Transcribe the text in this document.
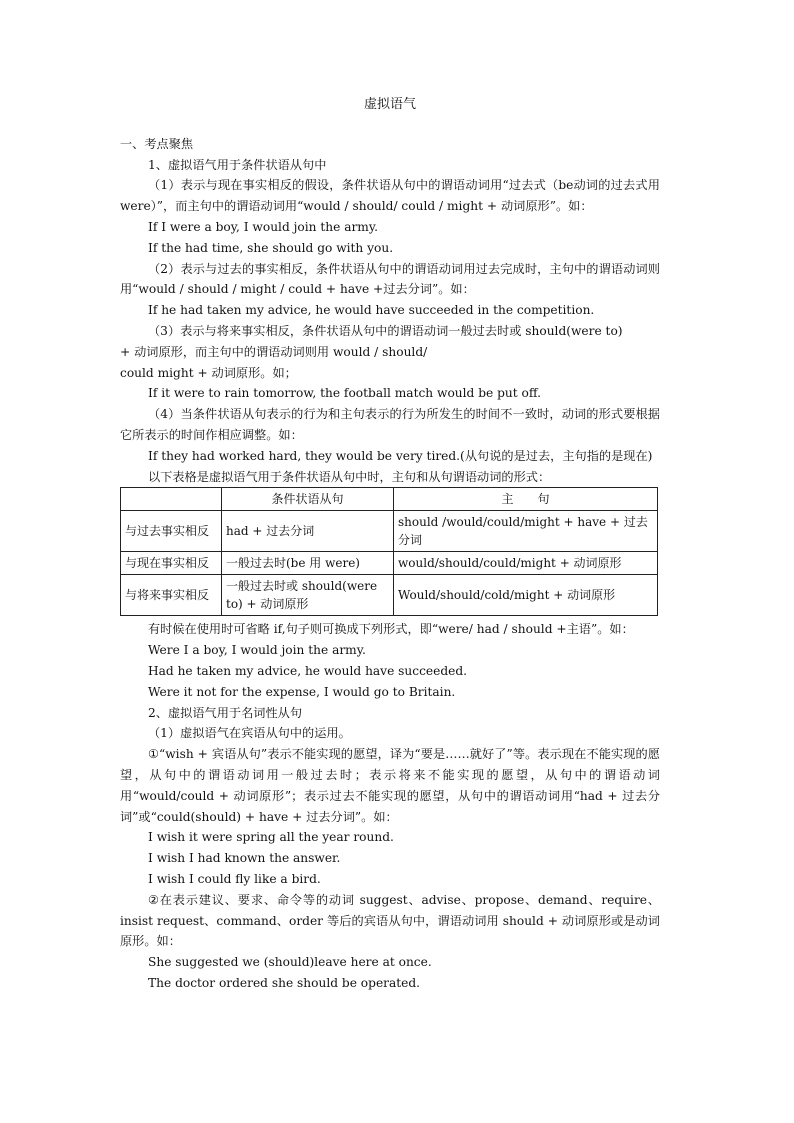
虚拟语气
一、考点聚焦
1、虚拟语气用于条件状语从句中
（1）表示与现在事实相反的假设，条件状语从句中的谓语动词用“过去式（be动词的过去式用 were）”，而主句中的谓语动词用“would / should/ could / might + 动词原形”。如：
If I were a boy, I would join the army.
If the had time, she should go with you.
（2）表示与过去的事实相反，条件状语从句中的谓语动词用过去完成时，主句中的谓语动词则用“would / should / might / could + have +过去分词”。如：
If he had taken my advice, he would have succeeded in the competition.
（3）表示与将来事实相反，条件状语从句中的谓语动词一般过去时或 should(were to)
+ 动词原形，而主句中的谓语动词则用 would / should/
could might + 动词原形。如；
If it were to rain tomorrow, the football match would be put off.
（4）当条件状语从句表示的行为和主句表示的行为所发生的时间不一致时，动词的形式要根据它所表示的时间作相应调整。如：
If they had worked hard, they would be very tired.(从句说的是过去，主句指的是现在)
以下表格是虚拟语气用于条件状语从句中时，主句和从句谓语动词的形式：
	条件状语从句	主　　句
与过去事实相反	had + 过去分词	should /would/could/might + have + 过去分词
与现在事实相反	一般过去时(be 用 were)	would/should/could/might + 动词原形
与将来事实相反	一般过去时或 should(were to) + 动词原形	Would/should/cold/might + 动词原形
有时候在使用时可省略 if,句子则可换成下列形式，即“were/ had / should +主语”。如：
Were I a boy, I would join the army.
Had he taken my advice, he would have succeeded.
Were it not for the expense, I would go to Britain.
2、虚拟语气用于名词性从句
（1）虚拟语气在宾语从句中的运用。
①“wish + 宾语从句”表示不能实现的愿望，译为“要是……就好了”等。表示现在不能实现的愿望，从句中的谓语动词用一般过去时；表示将来不能实现的愿望，从句中的谓语动词用“would/could + 动词原形”；表示过去不能实现的愿望，从句中的谓语动词用“had + 过去分词”或“could(should) + have + 过去分词”。如：
I wish it were spring all the year round.
I wish I had known the answer.
I wish I could fly like a bird.
②在表示建议、要求、命令等的动词 suggest、advise、propose、demand、require、insist request、command、order 等后的宾语从句中，谓语动词用 should + 动词原形或是动词原形。如：
She suggested we (should)leave here at once.
The doctor ordered she should be operated.
